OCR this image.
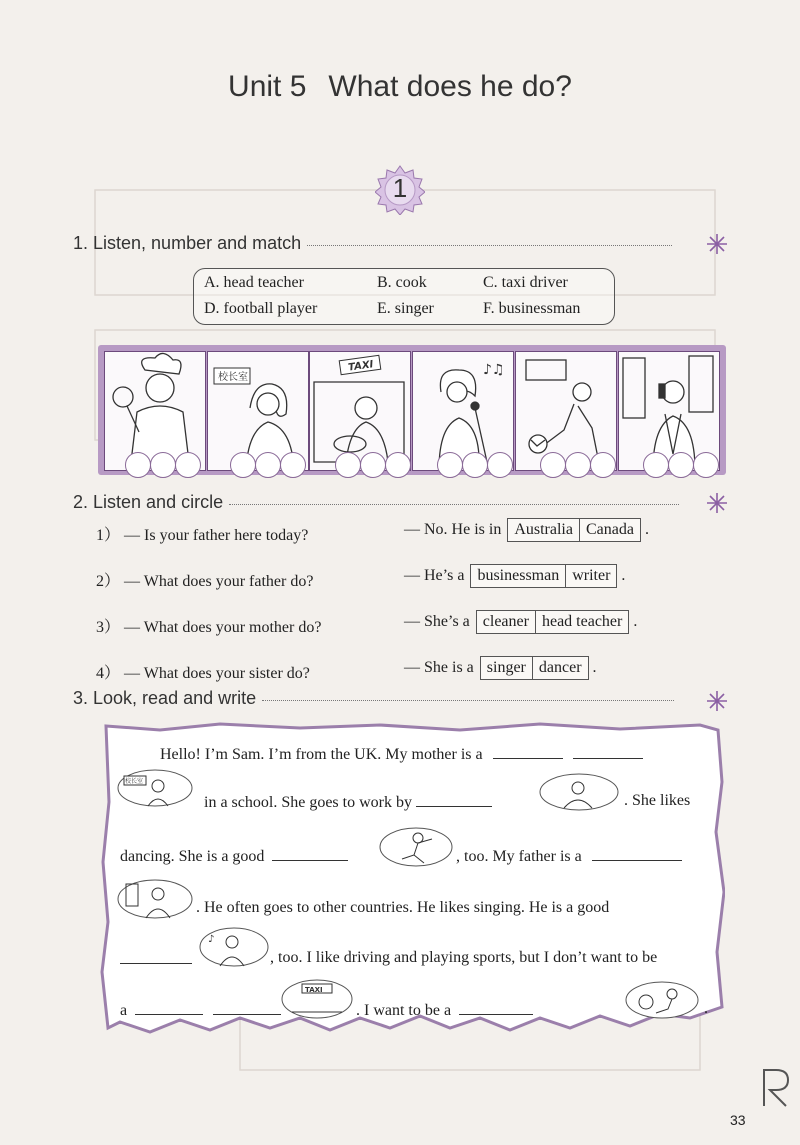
Unit 5 What does he do?
1
1. Listen, number and match
A. head teacher	B. cook	C. taxi driver
D. football player	E. singer	F. businessman
校长室
TAXI	♪♫
2. Listen and circle
1） — Is your father here today?	— No. He is in Australia Canada .
2） — What does your father do?	— He’s a businessman writer .
3） — What does your mother do?	— She’s a cleaner head teacher .
4） — What does your sister do?	— She is a singer dancer .
3. Look, read and write
Hello! I’m Sam. I’m from the UK. My mother is a
校长室
in a school. She goes to work by	. She likes
dancing. She is a good	, too. My father is a
. He often goes to other countries. He likes singing. He is a good
♪
, too. I like driving and playing sports, but I don’t want to be
a
TAXI
. I want to be a	.
33
